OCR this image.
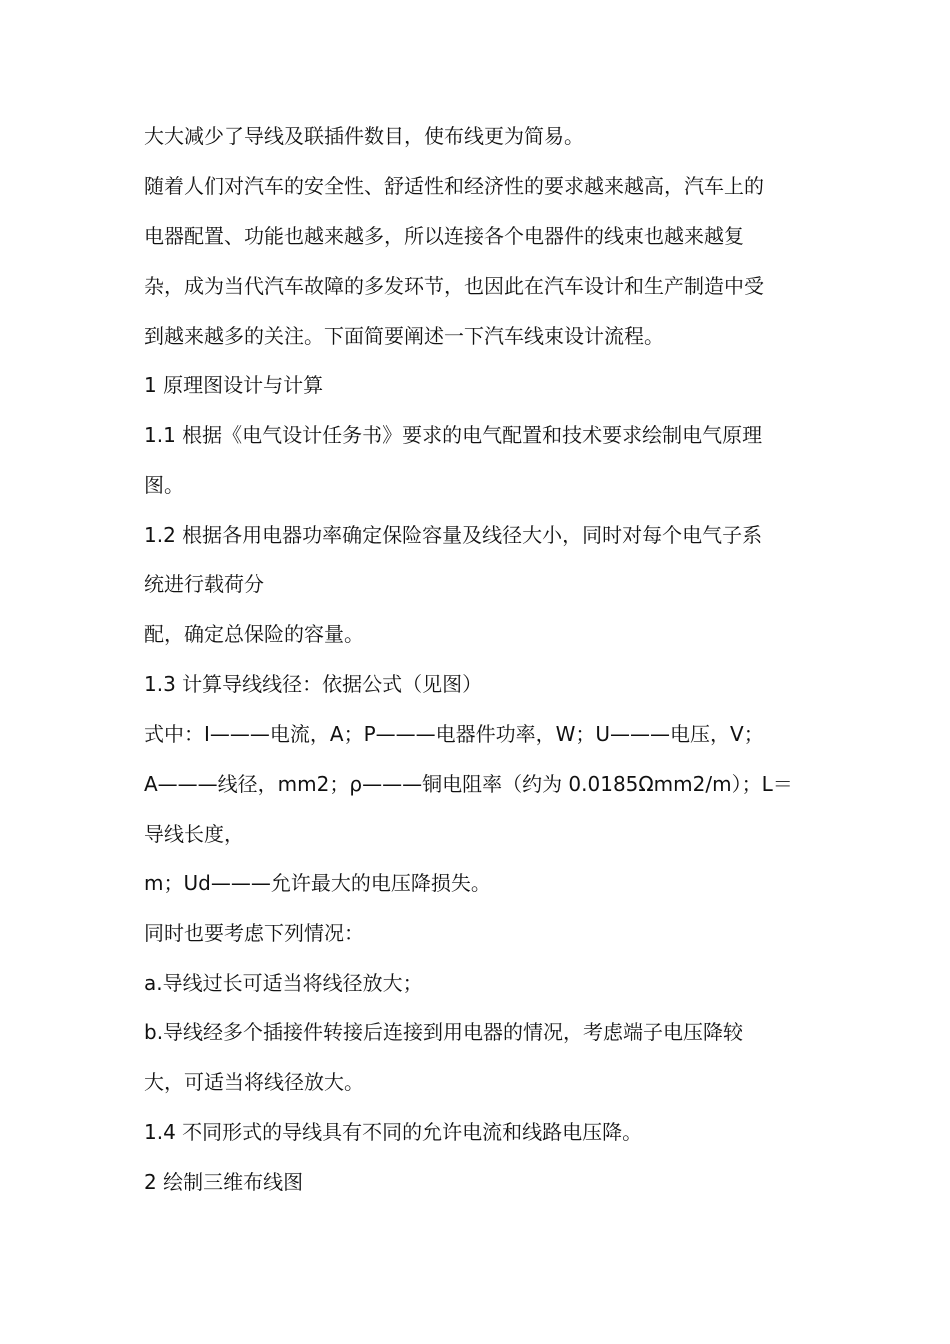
大大减少了导线及联插件数目，使布线更为简易。
随着人们对汽车的安全性、舒适性和经济性的要求越来越高，汽车上的
电器配置、功能也越来越多，所以连接各个电器件的线束也越来越复
杂，成为当代汽车故障的多发环节，也因此在汽车设计和生产制造中受
到越来越多的关注。下面简要阐述一下汽车线束设计流程。
1 原理图设计与计算
1.1 根据《电气设计任务书》要求的电气配置和技术要求绘制电气原理
图。
1.2 根据各用电器功率确定保险容量及线径大小，同时对每个电气子系
统进行载荷分
配，确定总保险的容量。
1.3 计算导线线径：依据公式（见图）
式中：I———电流，A；P———电器件功率，W；U———电压，V；
A———线径，mm2；ρ———铜电阻率（约为 0.0185Ωmm2/m）；L＝
导线长度，
m；Ud———允许最大的电压降损失。
同时也要考虑下列情况：
a.导线过长可适当将线径放大；
b.导线经多个插接件转接后连接到用电器的情况，考虑端子电压降较
大，可适当将线径放大。
1.4 不同形式的导线具有不同的允许电流和线路电压降。
2 绘制三维布线图
